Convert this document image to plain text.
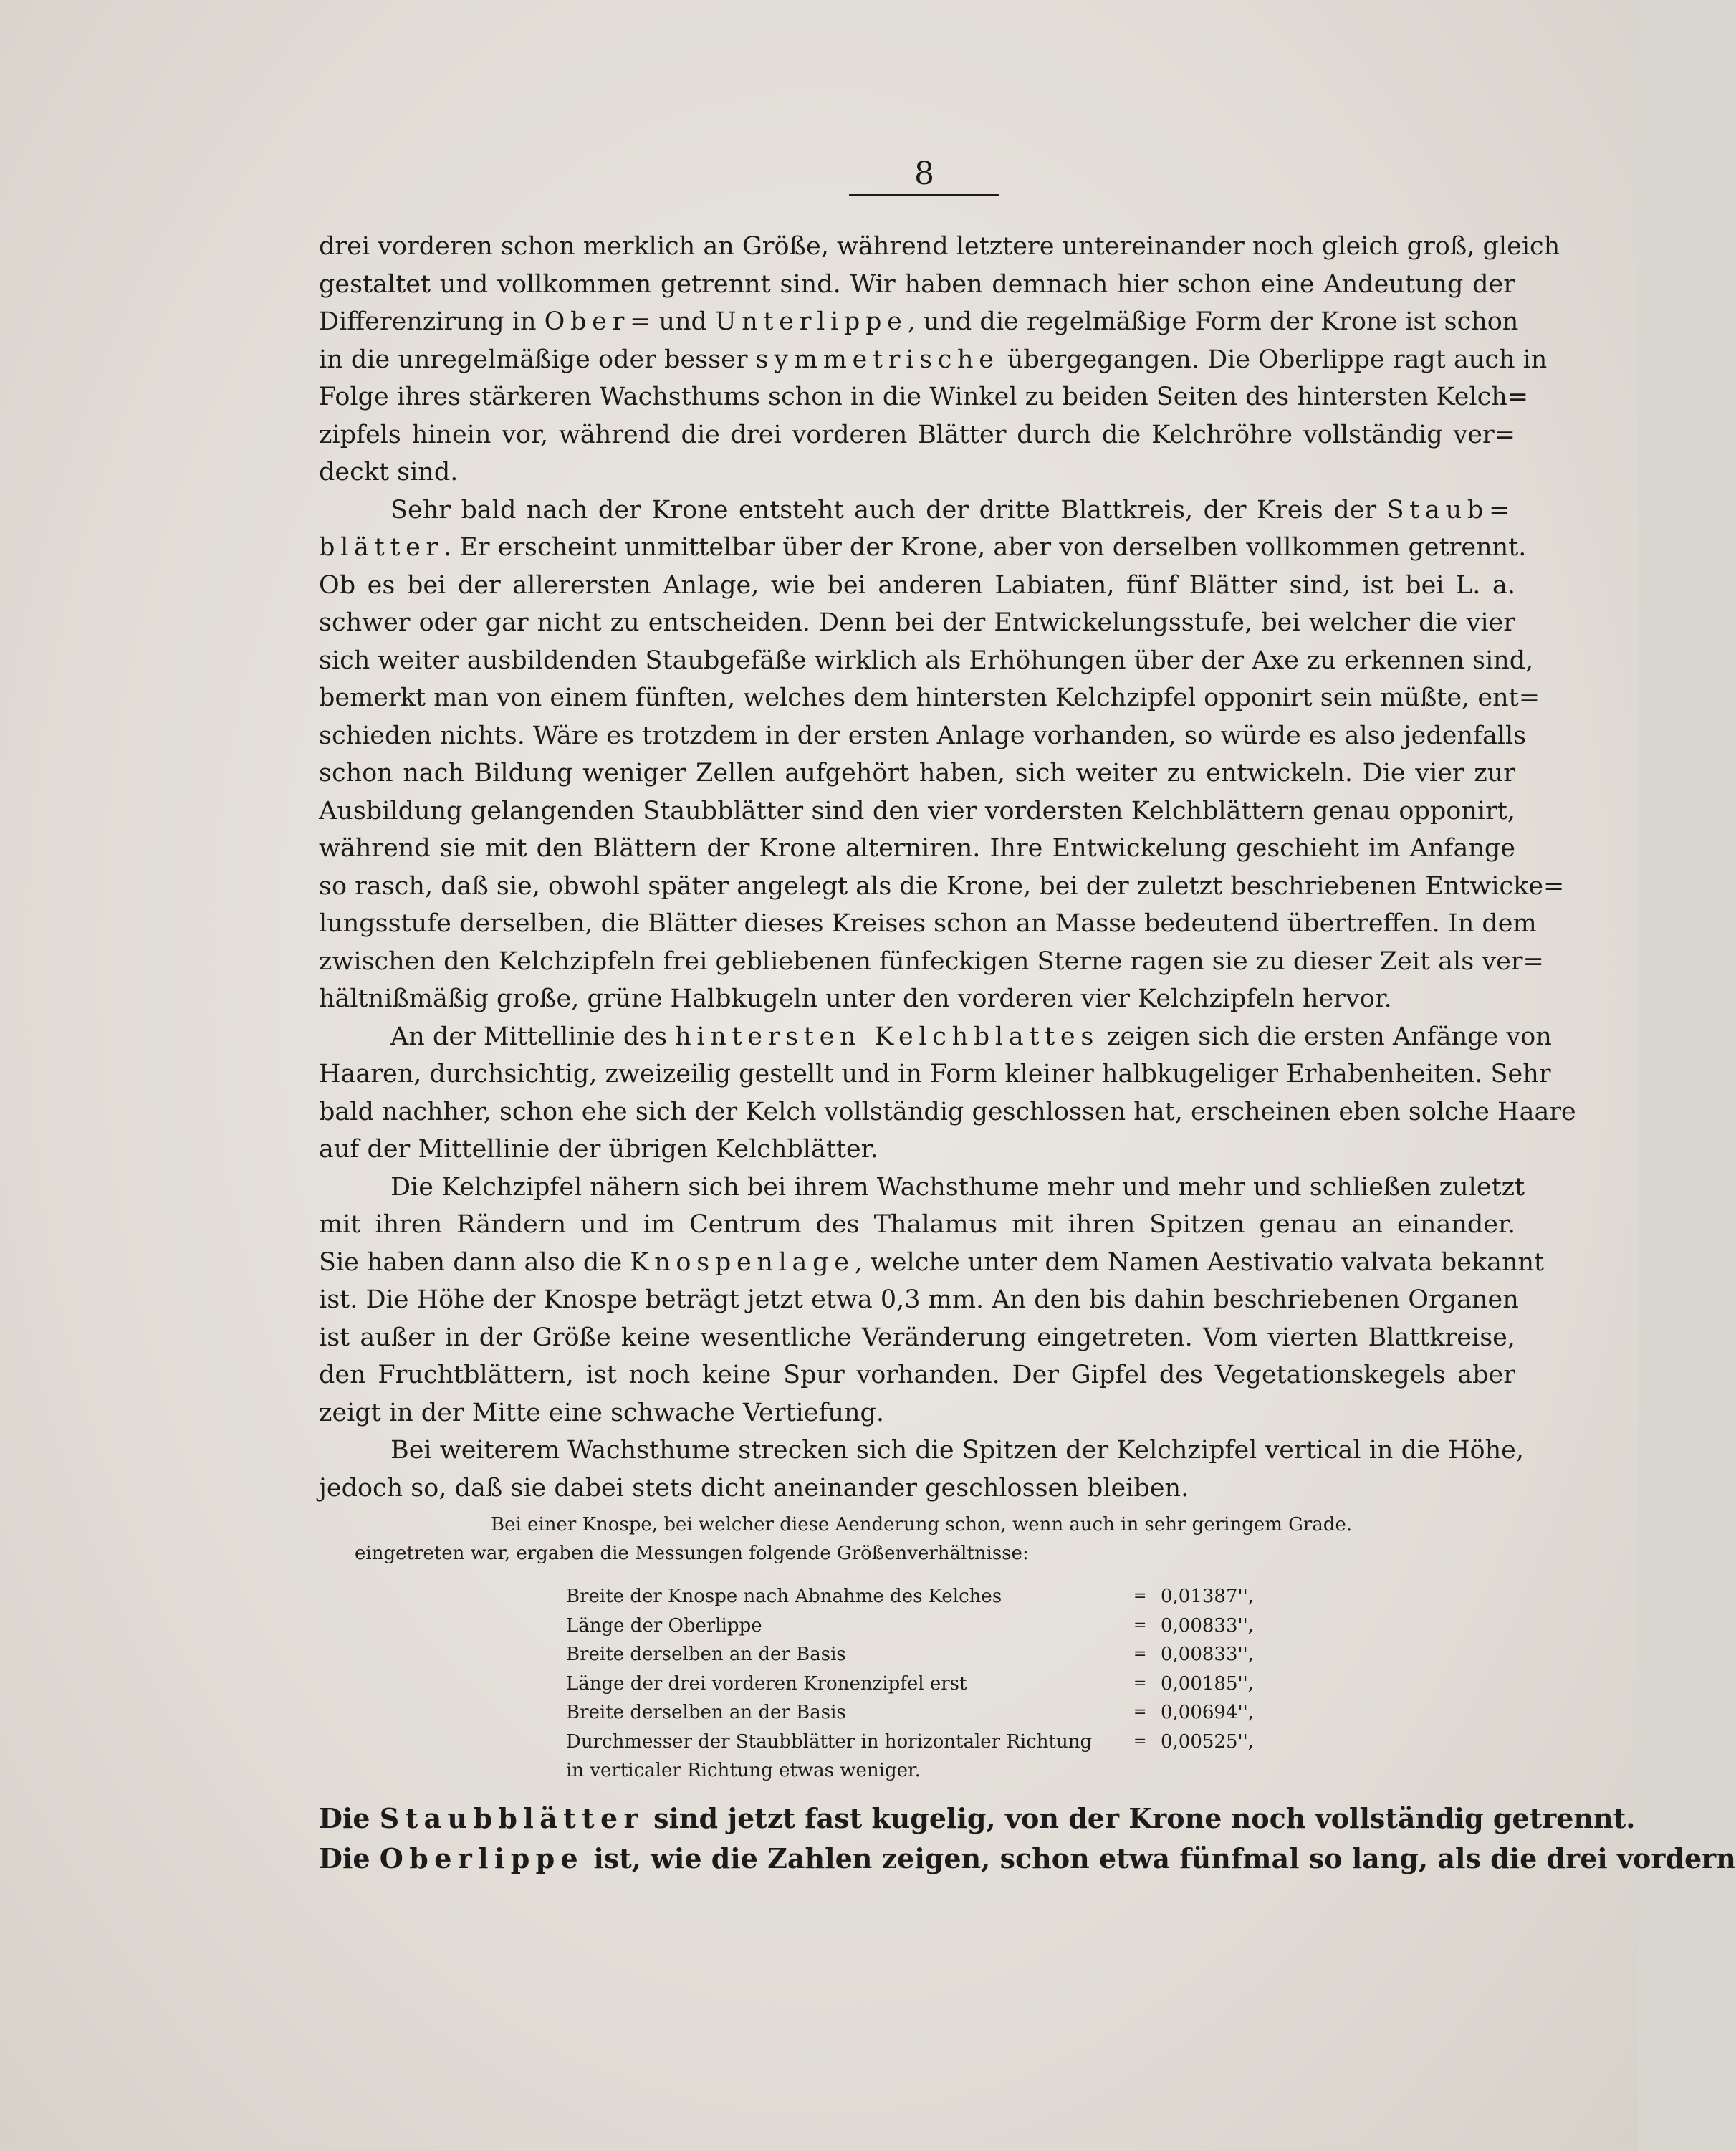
8
drei vorderen schon merklich an Größe, während letztere untereinander noch gleich groß, gleich
gestaltet und vollkommen getrennt sind. Wir haben demnach hier schon eine Andeutung der
Differenzirung in Ober= und Unterlippe, und die regelmäßige Form der Krone ist schon
in die unregelmäßige oder besser symmetrische übergegangen. Die Oberlippe ragt auch in
Folge ihres stärkeren Wachsthums schon in die Winkel zu beiden Seiten des hintersten Kelch=
zipfels hinein vor, während die drei vorderen Blätter durch die Kelchröhre vollständig ver=
deckt sind.
Sehr bald nach der Krone entsteht auch der dritte Blattkreis, der Kreis der Staub=
blätter. Er erscheint unmittelbar über der Krone, aber von derselben vollkommen getrennt.
Ob es bei der allerersten Anlage, wie bei anderen Labiaten, fünf Blätter sind, ist bei L. a.
schwer oder gar nicht zu entscheiden. Denn bei der Entwickelungsstufe, bei welcher die vier
sich weiter ausbildenden Staubgefäße wirklich als Erhöhungen über der Axe zu erkennen sind,
bemerkt man von einem fünften, welches dem hintersten Kelchzipfel opponirt sein müßte, ent=
schieden nichts. Wäre es trotzdem in der ersten Anlage vorhanden, so würde es also jedenfalls
schon nach Bildung weniger Zellen aufgehört haben, sich weiter zu entwickeln. Die vier zur
Ausbildung gelangenden Staubblätter sind den vier vordersten Kelchblättern genau opponirt,
während sie mit den Blättern der Krone alterniren. Ihre Entwickelung geschieht im Anfange
so rasch, daß sie, obwohl später angelegt als die Krone, bei der zuletzt beschriebenen Entwicke=
lungsstufe derselben, die Blätter dieses Kreises schon an Masse bedeutend übertreffen. In dem
zwischen den Kelchzipfeln frei gebliebenen fünfeckigen Sterne ragen sie zu dieser Zeit als ver=
hältnißmäßig große, grüne Halbkugeln unter den vorderen vier Kelchzipfeln hervor.
An der Mittellinie des hintersten Kelchblattes zeigen sich die ersten Anfänge von
Haaren, durchsichtig, zweizeilig gestellt und in Form kleiner halbkugeliger Erhabenheiten. Sehr
bald nachher, schon ehe sich der Kelch vollständig geschlossen hat, erscheinen eben solche Haare
auf der Mittellinie der übrigen Kelchblätter.
Die Kelchzipfel nähern sich bei ihrem Wachsthume mehr und mehr und schließen zuletzt
mit ihren Rändern und im Centrum des Thalamus mit ihren Spitzen genau an einander.
Sie haben dann also die Knospenlage, welche unter dem Namen Aestivatio valvata bekannt
ist. Die Höhe der Knospe beträgt jetzt etwa 0,3 mm. An den bis dahin beschriebenen Organen
ist außer in der Größe keine wesentliche Veränderung eingetreten. Vom vierten Blattkreise,
den Fruchtblättern, ist noch keine Spur vorhanden. Der Gipfel des Vegetationskegels aber
zeigt in der Mitte eine schwache Vertiefung.
Bei weiterem Wachsthume strecken sich die Spitzen der Kelchzipfel vertical in die Höhe,
jedoch so, daß sie dabei stets dicht aneinander geschlossen bleiben.
Bei einer Knospe, bei welcher diese Aenderung schon, wenn auch in sehr geringem Grade.
eingetreten war, ergaben die Messungen folgende Größenverhältnisse:
Breite der Knospe nach Abnahme des Kelches	= 0,01387'',
Länge der Oberlippe	= 0,00833'',
Breite derselben an der Basis	= 0,00833'',
Länge der drei vorderen Kronenzipfel erst	= 0,00185'',
Breite derselben an der Basis	= 0,00694'',
Durchmesser der Staubblätter in horizontaler Richtung	= 0,00525'',
in verticaler Richtung etwas weniger.
Die Staubblätter sind jetzt fast kugelig, von der Krone noch vollständig getrennt.
Die Oberlippe ist, wie die Zahlen zeigen, schon etwa fünfmal so lang, als die drei vordern
